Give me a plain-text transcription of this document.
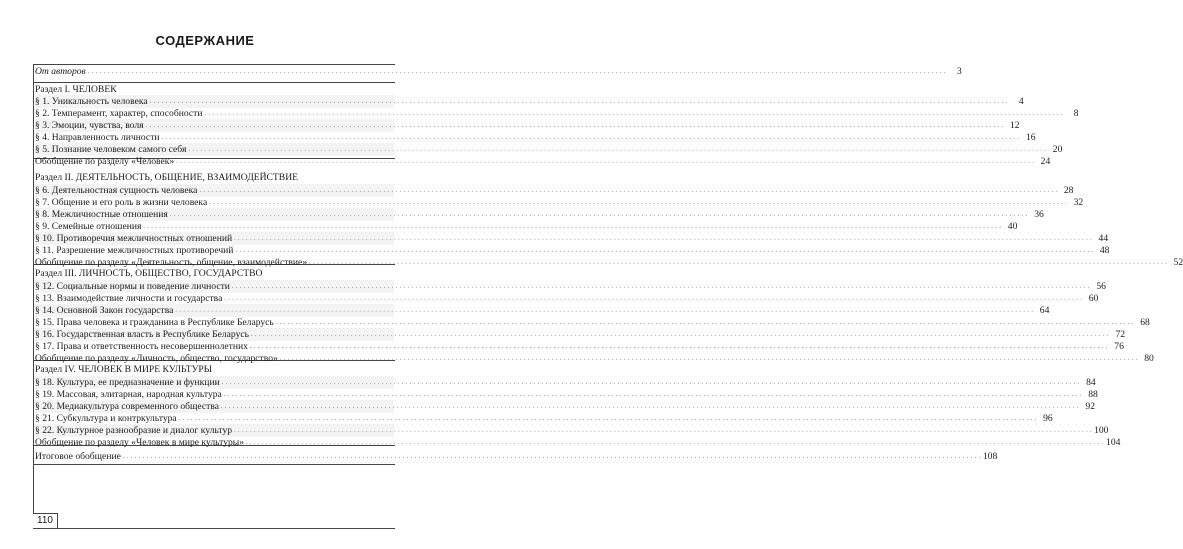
СОДЕРЖАНИЕ
От авторов . . .	3
Раздел I. ЧЕЛОВЕК
§ 1. Уникальность человека . . .	4
§ 2. Темперамент, характер, способности . . .	8
§ 3. Эмоции, чувства, воля . . .	12
§ 4. Направленность личности . . .	16
§ 5. Познание человеком самого себя . . .	20
Обобщение по разделу «Человек» . . .	24
Раздел II. ДЕЯТЕЛЬНОСТЬ, ОБЩЕНИЕ, ВЗАИМОДЕЙСТВИЕ
§ 6. Деятельностная сущность человека . . .	28
§ 7. Общение и его роль в жизни человека . . .	32
§ 8. Межличностные отношения . . .	36
§ 9. Семейные отношения . . .	40
§ 10. Противоречия межличностных отношений . . .	44
§ 11. Разрешение межличностных противоречий . . .	48
Обобщение по разделу «Деятельность, общение, взаимодействие» . . .	52
Раздел III. ЛИЧНОСТЬ, ОБЩЕСТВО, ГОСУДАРСТВО
§ 12. Социальные нормы и поведение личности . . .	56
§ 13. Взаимодействие личности и государства . . .	60
§ 14. Основной Закон государства . . .	64
§ 15. Права человека и гражданина в Республике Беларусь . . .	68
§ 16. Государственная власть в Республике Беларусь . . .	72
§ 17. Права и ответственность несовершеннолетних . . .	76
Обобщение по разделу «Личность, общество, государство» . . .	80
Раздел IV. ЧЕЛОВЕК В МИРЕ КУЛЬТУРЫ
§ 18. Культура, ее предназначение и функции . . .	84
§ 19. Массовая, элитарная, народная культура . . .	88
§ 20. Медиакультура современного общества . . .	92
§ 21. Субкультура и контркультура . . .	96
§ 22. Культурное разнообразие и диалог культур . . .	100
Обобщение по разделу «Человек в мире культуры» . . .	104
Итоговое обобщение . . .	108
110
